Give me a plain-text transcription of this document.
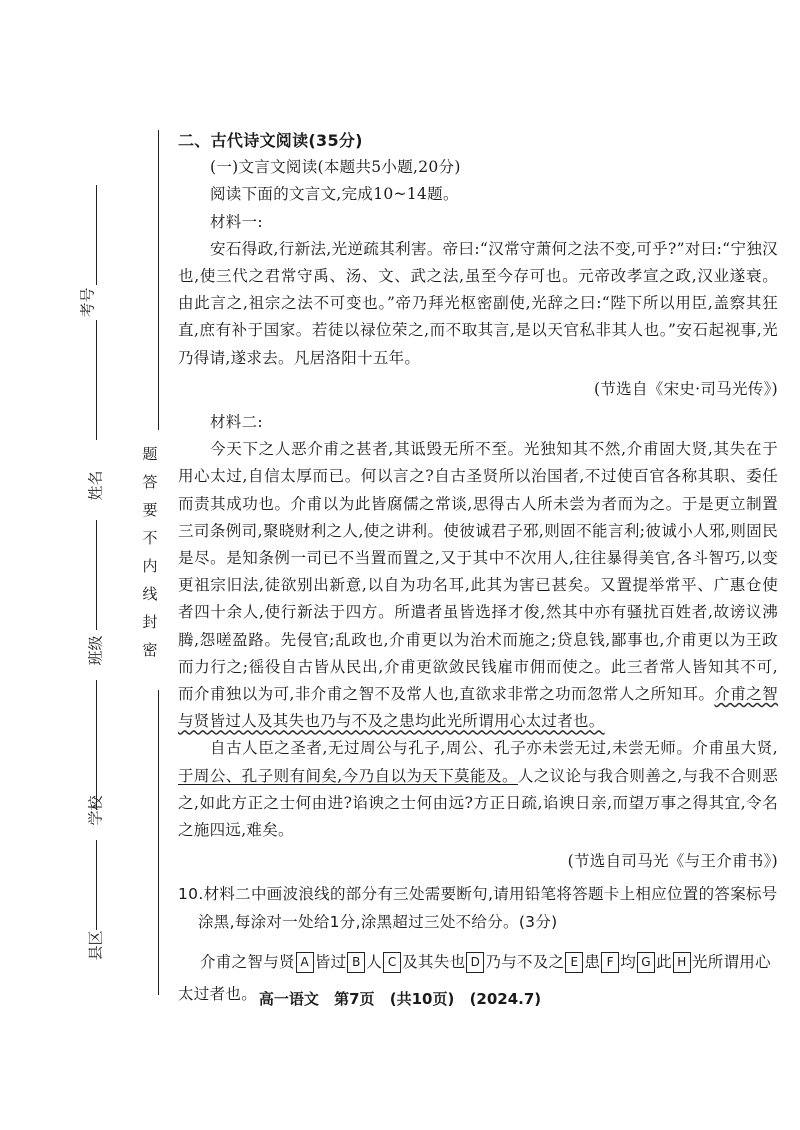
考号
姓名
班级
学校
县区
题
答
要
不
内
线
封
密
二、古代诗文阅读(35分)
(一)文言文阅读(本题共5小题,20分)
阅读下面的文言文,完成10~14题。
材料一:

安石得政,行新法,光逆疏其利害。帝曰:“汉常守萧何之法不变,可乎?”对曰:“宁独汉也,使三代之君常守禹、汤、文、武之法,虽至今存可也。元帝改孝宣之政,汉业遂衰。由此言之,祖宗之法不可变也。”帝乃拜光枢密副使,光辞之曰:“陛下所以用臣,盖察其狂直,庶有补于国家。若徒以禄位荣之,而不取其言,是以天官私非其人也。”安石起视事,光乃得请,遂求去。凡居洛阳十五年。

(节选自《宋史·司马光传》)
材料二:

今天下之人恶介甫之甚者,其诋毁无所不至。光独知其不然,介甫固大贤,其失在于用心太过,自信太厚而已。何以言之?自古圣贤所以治国者,不过使百官各称其职、委任而责其成功也。介甫以为此皆腐儒之常谈,思得古人所未尝为者而为之。于是更立制置三司条例司,聚晓财利之人,使之讲利。使彼诚君子邪,则固不能言利;彼诚小人邪,则固民是尽。是知条例一司已不当置而置之,又于其中不次用人,往往暴得美官,各斗智巧,以变更祖宗旧法,徒欲别出新意,以自为功名耳,此其为害已甚矣。又置提举常平、广惠仓使者四十余人,使行新法于四方。所遣者虽皆选择才俊,然其中亦有骚扰百姓者,故谤议沸腾,怨嗟盈路。先侵官;乱政也,介甫更以为治术而施之;贷息钱,鄙事也,介甫更以为王政而力行之;徭役自古皆从民出,介甫更欲敛民钱雇市佣而使之。此三者常人皆知其不可,而介甫独以为可,非介甫之智不及常人也,直欲求非常之功而忽常人之所知耳。介甫之智与贤皆过人及其失也乃与不及之患均此光所谓用心太过者也。

自古人臣之圣者,无过周公与孔子,周公、孔子亦未尝无过,未尝无师。介甫虽大贤,于周公、孔子则有间矣,今乃自以为天下莫能及。人之议论与我合则善之,与我不合则恶之,如此方正之士何由进?谄谀之士何由远?方正日疏,谄谀日亲,而望万事之得其宜,令名之施四远,难矣。

(节选自司马光《与王介甫书》)
10.材料二中画波浪线的部分有三处需要断句,请用铅笔将答题卡上相应位置的答案标号
涂黑,每涂对一处给1分,涂黑超过三处不给分。(3分)
介甫之智与贤 A 皆过 B 人 C 及其失也 D 乃与不及之 E 患 F 均 G 此 H 光所谓用心
太过者也。 高一语文 第7页 (共10页) (2024.7)
